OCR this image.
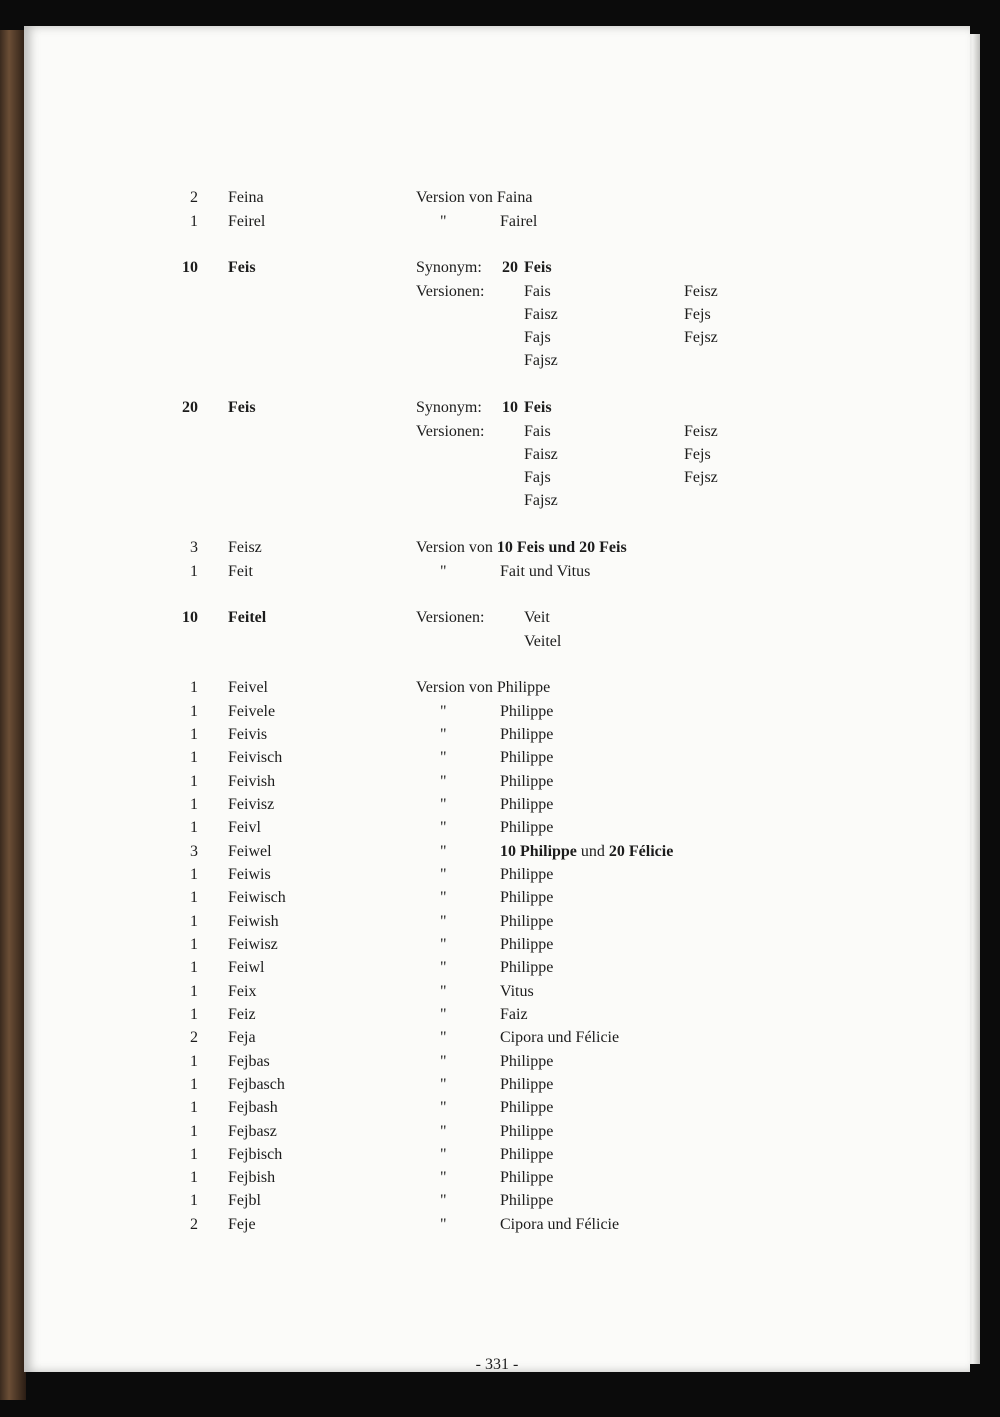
- 331 -
2 Feina	Version von Faina
1 Feirel	"	Fairel
10 Feis	Synonym: 20 Feis
Versionen: Fais	Feisz
Faisz	Fejs
Fajs	Fejsz
Fajsz
20 Feis	Synonym: 10 Feis
Versionen: Fais	Feisz
Faisz	Fejs
Fajs	Fejsz
Fajsz
3 Feisz	Version von 10 Feis und 20 Feis
1 Feit	"	Fait und Vitus
10 Feitel	Versionen: Veit
Veitel
1 Feivel	Version von Philippe
1 Feivele	"	Philippe
1 Feivis	"	Philippe
1 Feivisch	"	Philippe
1 Feivish	"	Philippe
1 Feivisz	"	Philippe
1 Feivl	"	Philippe
3 Feiwel	"	10 Philippe und 20 Félicie
1 Feiwis	"	Philippe
1 Feiwisch	"	Philippe
1 Feiwish	"	Philippe
1 Feiwisz	"	Philippe
1 Feiwl	"	Philippe
1 Feix	"	Vitus
1 Feiz	"	Faiz
2 Feja	"	Cipora und Félicie
1 Fejbas	"	Philippe
1 Fejbasch	"	Philippe
1 Fejbash	"	Philippe
1 Fejbasz	"	Philippe
1 Fejbisch	"	Philippe
1 Fejbish	"	Philippe
1 Fejbl	"	Philippe
2 Feje	"	Cipora und Félicie
